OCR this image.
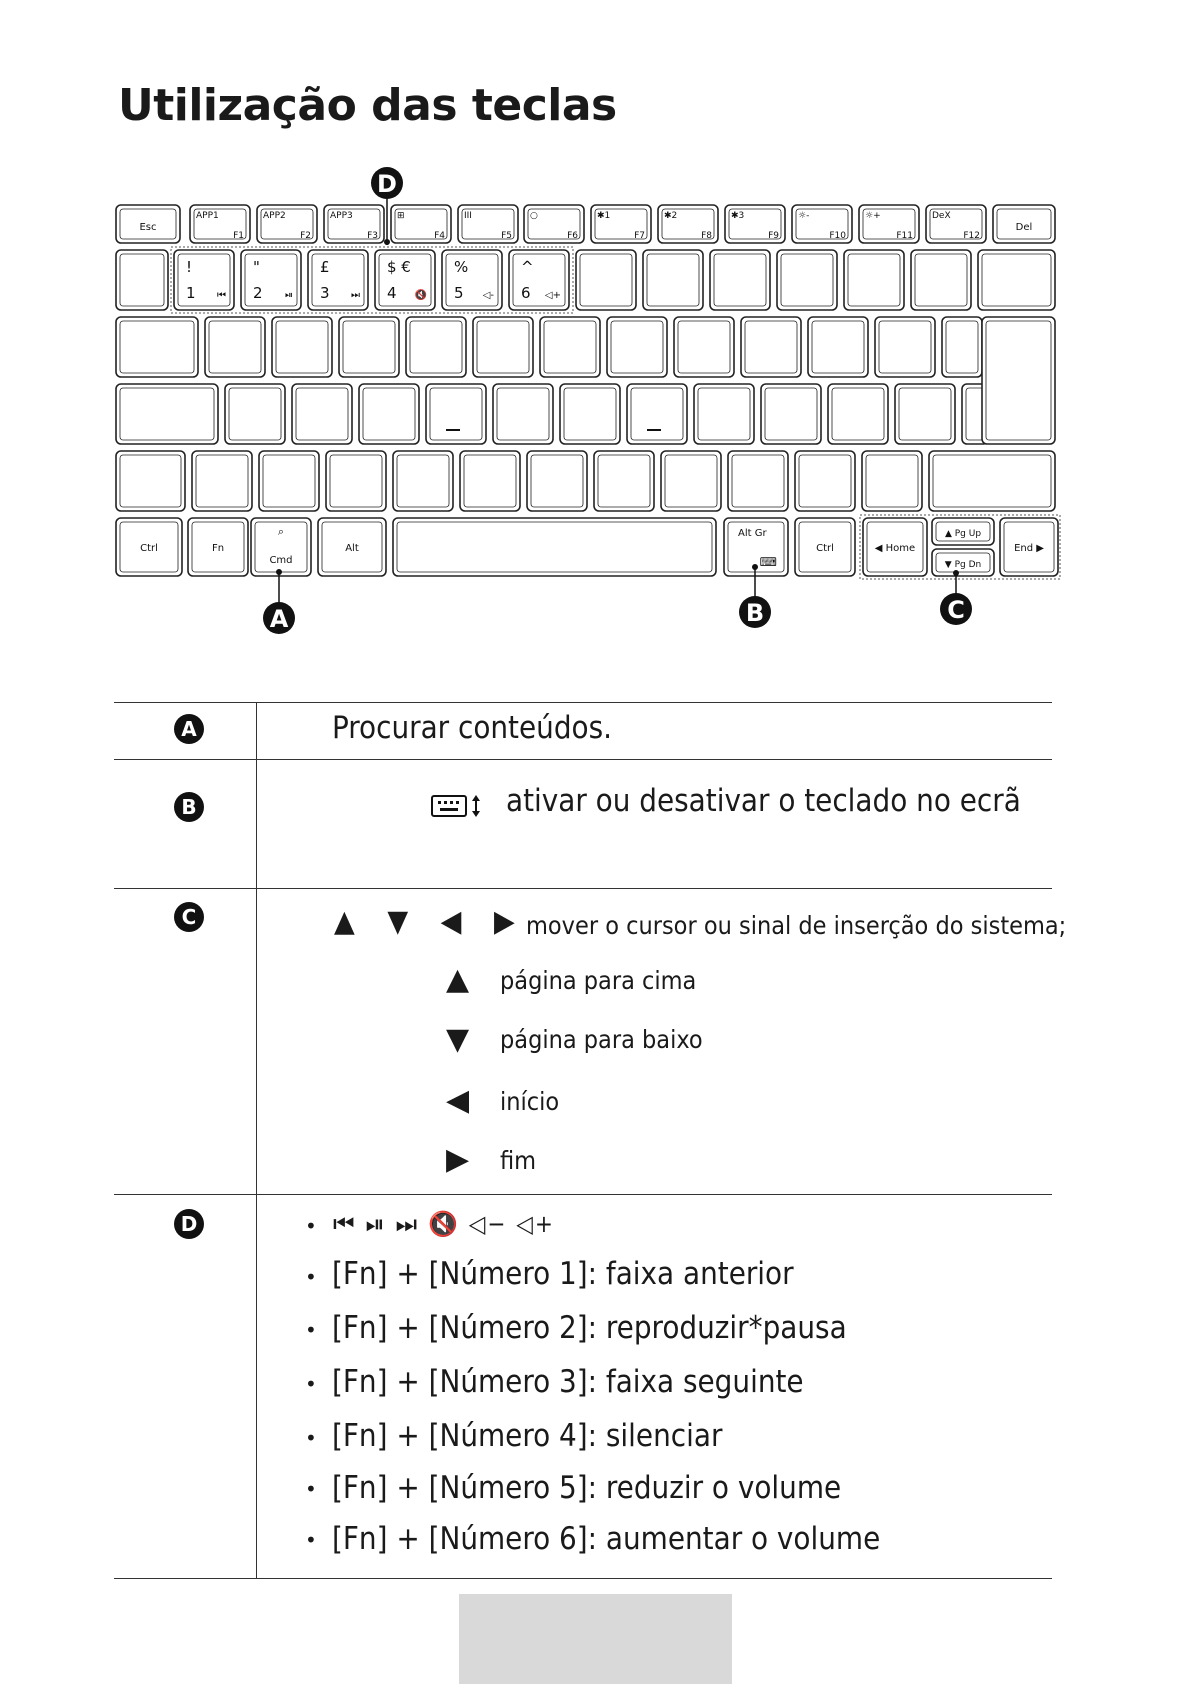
Utilização das teclas
Esc
APP1
F1
APP2
F2
APP3
F3
⊞
F4
III
F5
○
F6
✱1
F7
✱2
F8
✱3
F9
☼-
F10
☼+
F11
DeX
F12
Del
!
1 ⏮
"
2 ⏯
£
3 ⏭
$ €
4 🔇
%
5 ◁-
^
6 ◁+
Ctrl	Fn
⌕
Cmd
Alt
Alt Gr
⌨
Ctrl	◀ Home
▲ Pg Up
▼ Pg Dn
End ▶
A	B	C
D
A	Procurar conteúdos.
B	ativar ou desativar o teclado no ecrã
C	▲ ▼ ◀ ▶ mover o cursor ou sinal de inserção do sistema;
▲ página para cima
▼ página para baixo
◀ início
▶ fim
D	• ⏮ ⏯ ⏭ 🔇 ◁− ◁+
• [Fn] + [Número 1]: faixa anterior
• [Fn] + [Número 2]: reproduzir*pausa
• [Fn] + [Número 3]: faixa seguinte
• [Fn] + [Número 4]: silenciar
• [Fn] + [Número 5]: reduzir o volume
• [Fn] + [Número 6]: aumentar o volume
